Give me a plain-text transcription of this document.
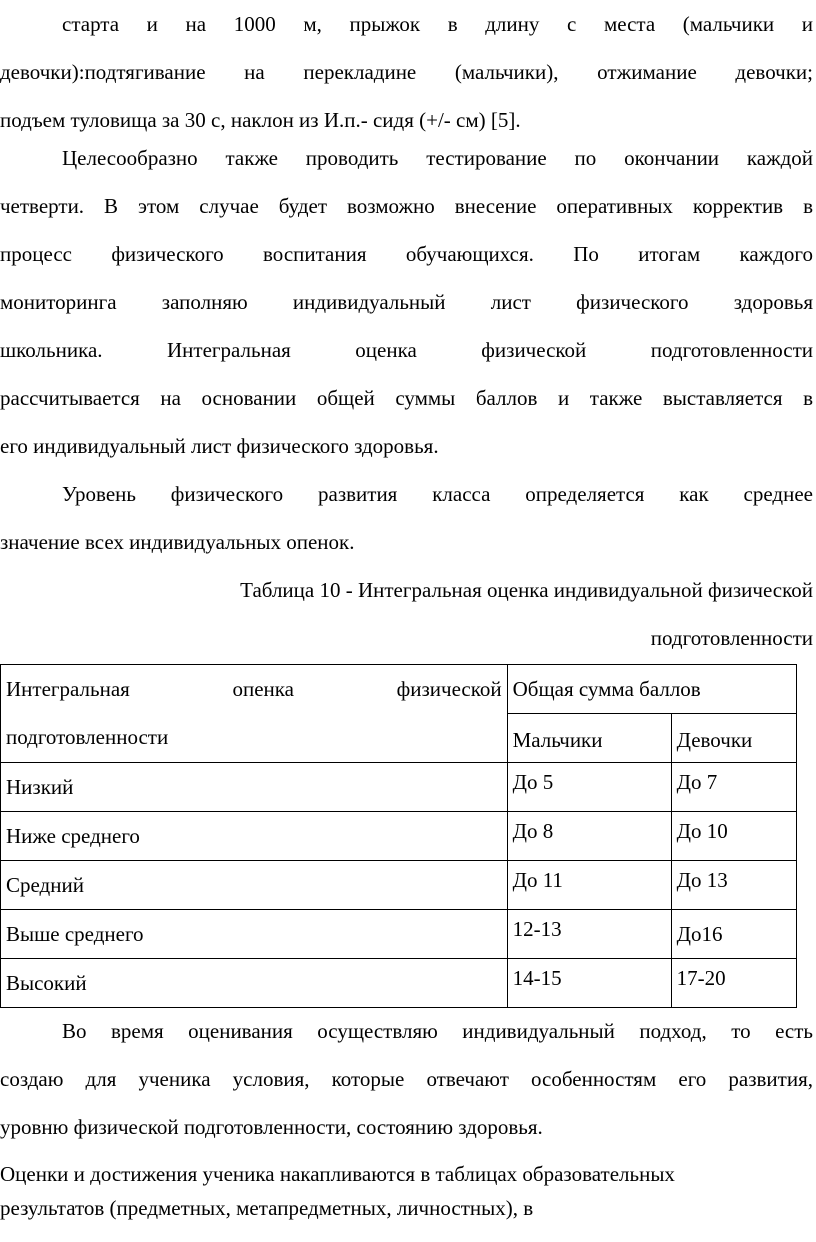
старта и на 1000 м, прыжок в длину с места (мальчики и
девочки):подтягивание на перекладине (мальчики), отжимание девочки;
подъем туловища за 30 с, наклон из И.п.- сидя (+/- см) [5].

Целесообразно также проводить тестирование по окончании каждой
четверти. В этом случае будет возможно внесение оперативных корректив в
процесс физического воспитания обучающихся. По итогам каждого
мониторинга заполняю индивидуальный лист физического здоровья
школьника. Интегральная оценка физической подготовленности
рассчитывается на основании общей суммы баллов и также выставляется в
его индивидуальный лист физического здоровья.

Уровень физического развития класса определяется как среднее
значение всех индивидуальных опенок.

Таблица 10 - Интегральная оценка индивидуальной физической
подготовленности

Интегральная опенка физической
подготовленности	Общая сумма баллов	
	Мальчики	Девочки
Низкий	До 5	До 7
Ниже среднего	До 8	До 10
Средний	До 11	До 13
Выше среднего	12-13	До16
Высокий	14-15	17-20

Во время оценивания осуществляю индивидуальный подход, то есть
создаю для ученика условия, которые отвечают особенностям его развития,
уровню физической подготовленности, состоянию здоровья.

Оценки и достижения ученика накапливаются в таблицах образовательных
результатов (предметных, метапредметных, личностных), в
